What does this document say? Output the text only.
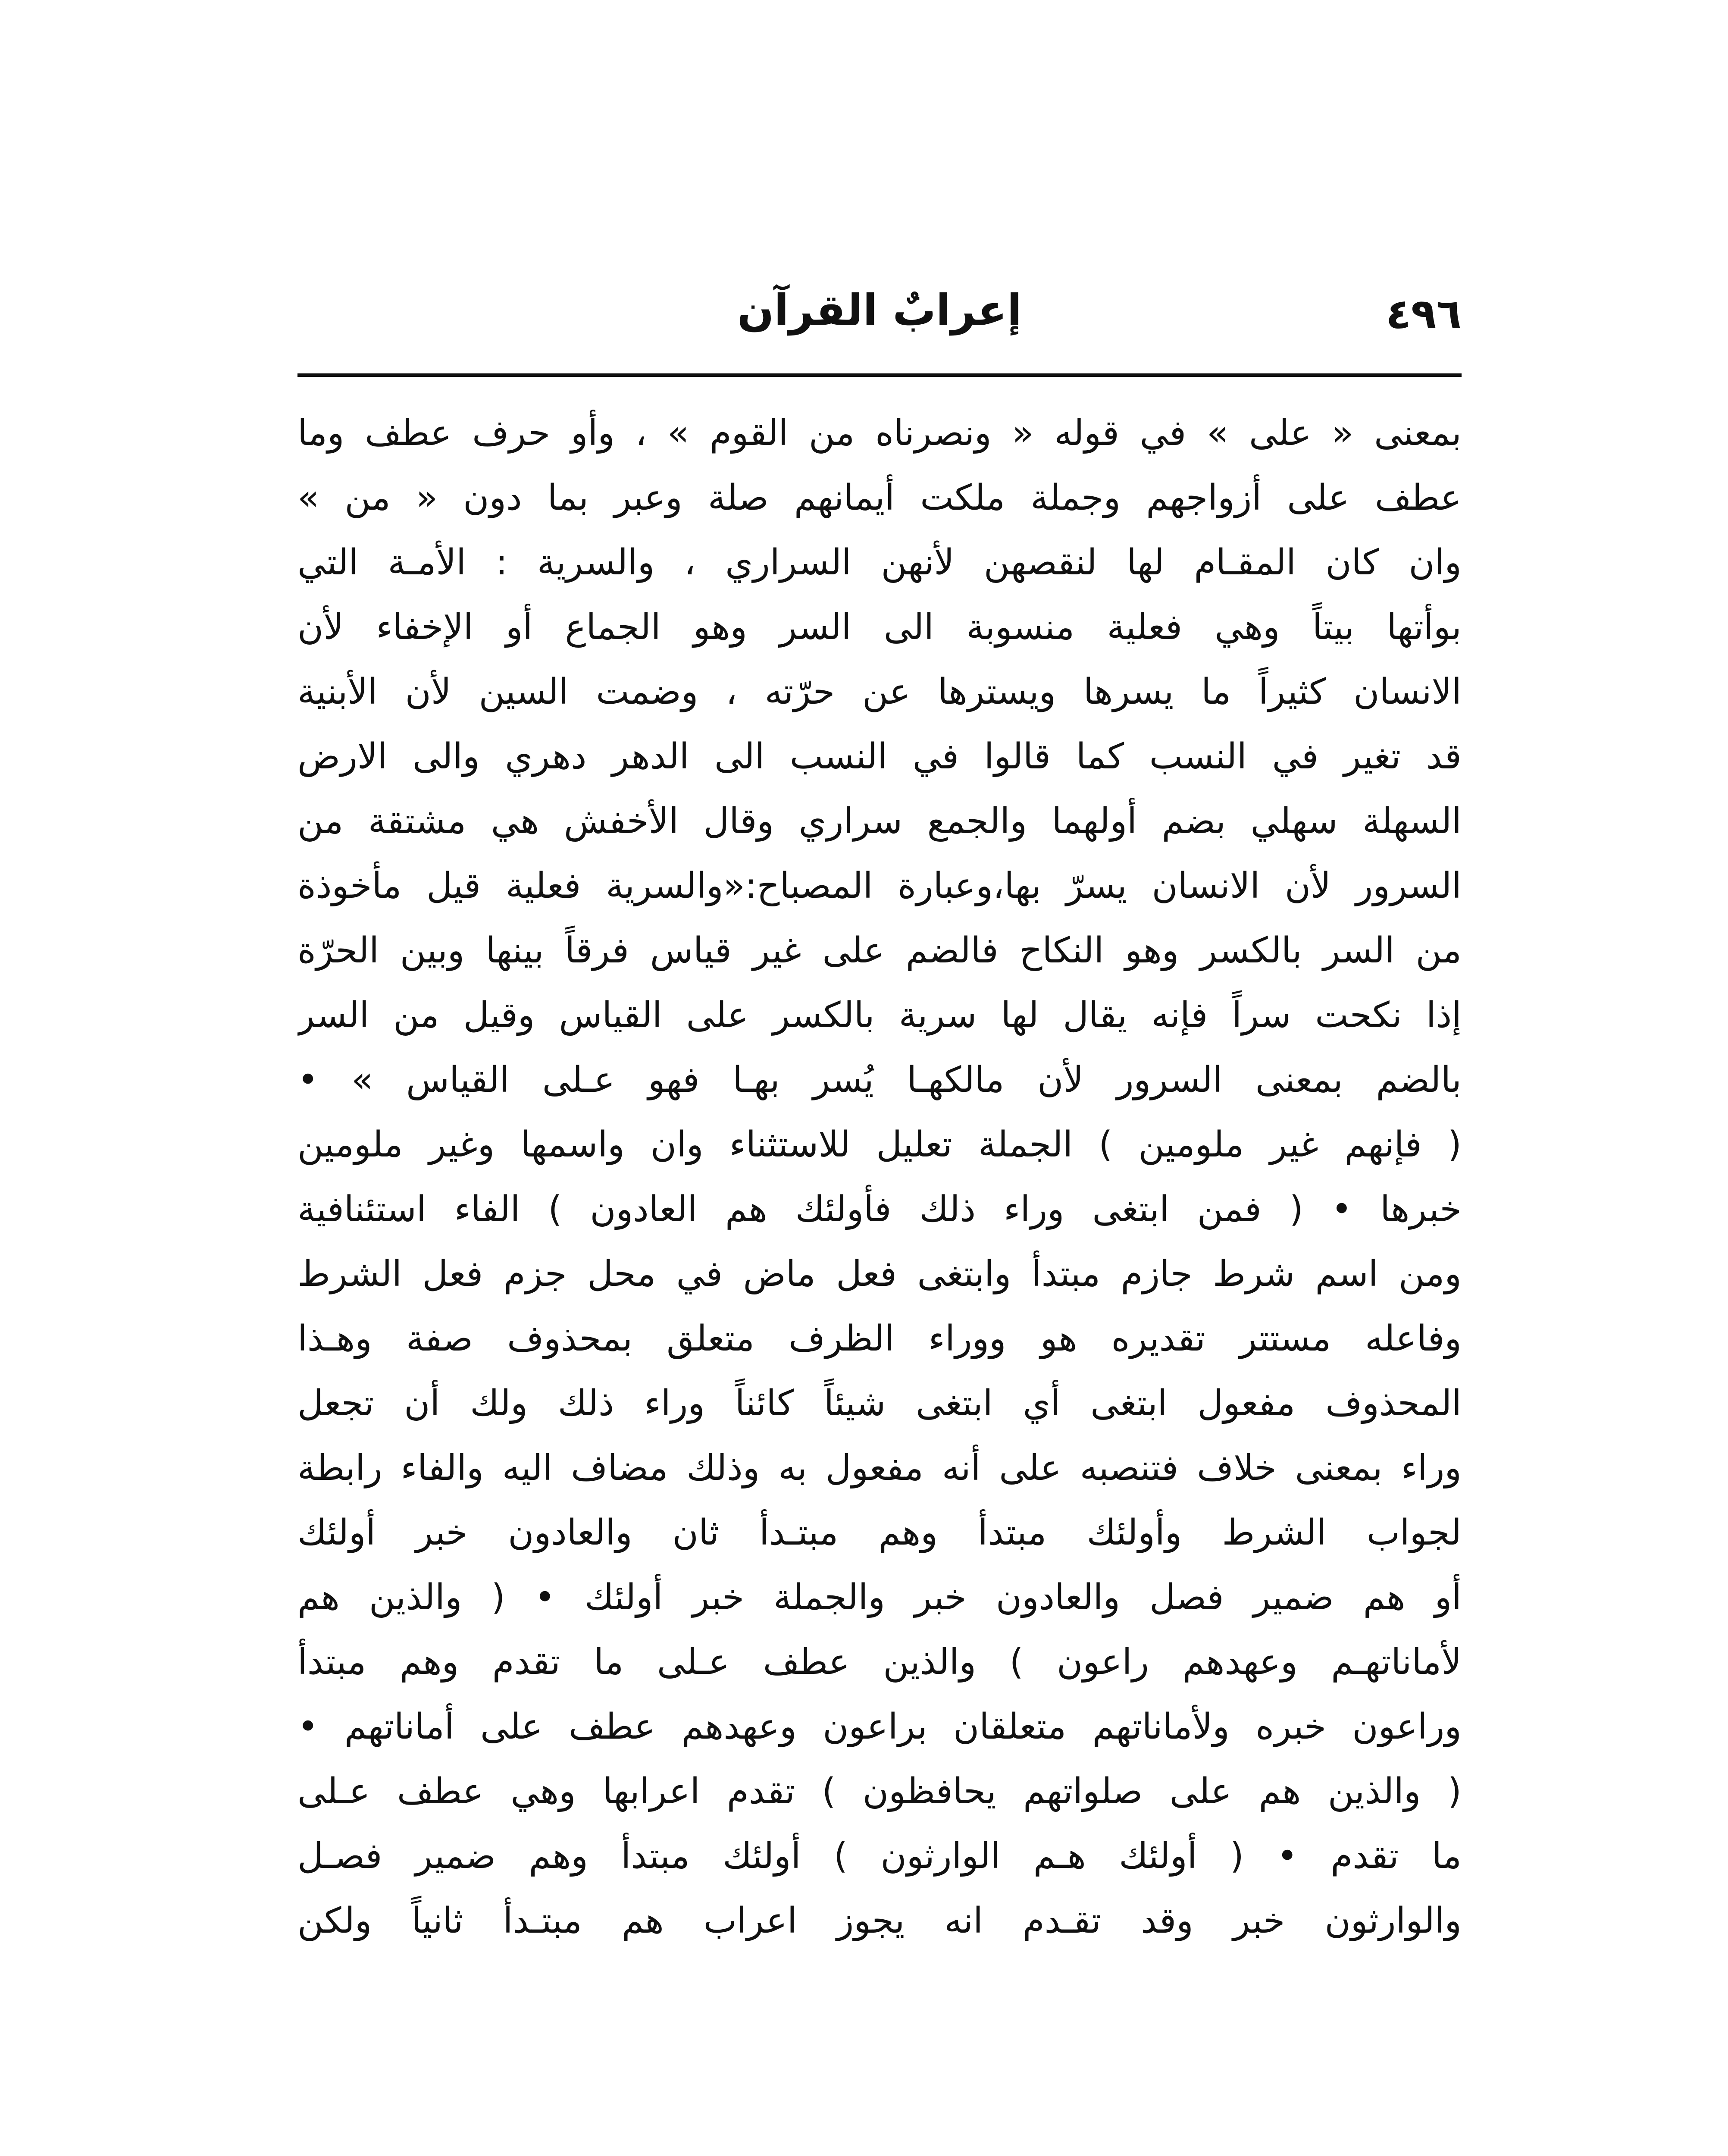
٤٩٦
إعرابٌ القرآن
بمعنى « على » في قوله « ونصرناه من القوم » ، وأو حرف عطف وما
عطف على أزواجهم وجملة ملكت أيمانهم صلة وعبر بما دون « من »
وان كان المقـام لها لنقصهن لأنهن السراري ، والسرية : الأمـة التي
بوأتها بيتاً وهي فعلية منسوبة الى السر وهو الجماع أو الإخفاء لأن
الانسان كثيراً ما يسرها ويسترها عن حرّته ، وضمت السين لأن الأبنية
قد تغير في النسب كما قالوا في النسب الى الدهر دهري والى الارض
السهلة سهلي بضم أولهما والجمع سراري وقال الأخفش هي مشتقة من
السرور لأن الانسان يسرّ بها،وعبارة المصباح:«والسرية فعلية قيل مأخوذة
من السر بالكسر وهو النكاح فالضم على غير قياس فرقاً بينها وبين الحرّة
إذا نكحت سراً فإنه يقال لها سرية بالكسر على القياس وقيل من السر
بالضم بمعنى السرور لأن مالكهـا يُسر بهـا فهو عـلى القياس » •
( فإنهم غير ملومين ) الجملة تعليل للاستثناء وان واسمها وغير ملومين
خبرها • ( فمن ابتغى وراء ذلك فأولئك هم العادون ) الفاء استئنافية
ومن اسم شرط جازم مبتدأ وابتغى فعل ماض في محل جزم فعل الشرط
وفاعله مستتر تقديره هو ووراء الظرف متعلق بمحذوف صفة وهـذا
المحذوف مفعول ابتغى أي ابتغى شيئاً كائناً وراء ذلك ولك أن تجعل
وراء بمعنى خلاف فتنصبه على أنه مفعول به وذلك مضاف اليه والفاء رابطة
لجواب الشرط وأولئك مبتدأ وهم مبتـدأ ثان والعادون خبر أولئك
أو هم ضمير فصل والعادون خبر والجملة خبر أولئك • ( والذين هم
لأماناتهـم وعهدهم راعون ) والذين عطف عـلى ما تقدم وهم مبتدأ
وراعون خبره ولأماناتهم متعلقان براعون وعهدهم عطف على أماناتهم •
( والذين هم على صلواتهم يحافظون ) تقدم اعرابها وهي عطف عـلى
ما تقدم • ( أولئك هـم الوارثون ) أولئك مبتدأ وهم ضمير فصـل
والوارثون خبر وقد تقـدم انه يجوز اعراب هم مبتـدأ ثانياً ولكن
